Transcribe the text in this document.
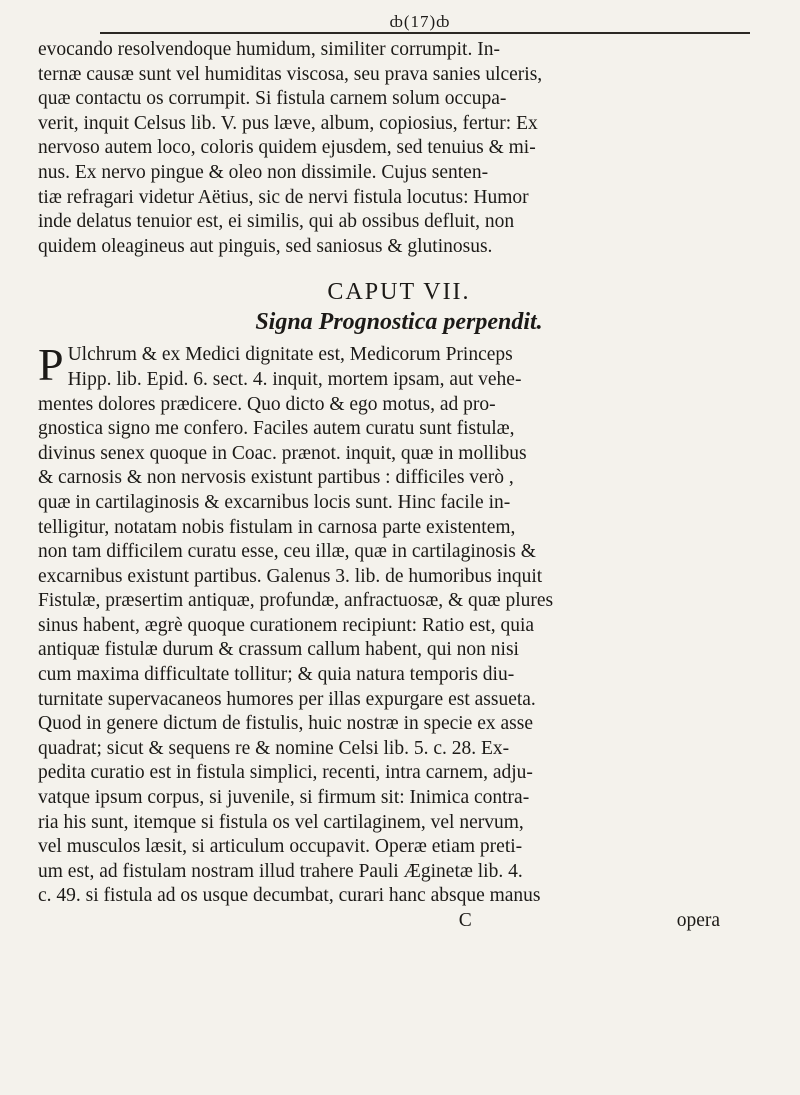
ȸ(17)ȸ

evocando resolvendoque humidum, similiter corrumpit. In-
ternæ causæ sunt vel humiditas viscosa, seu prava sanies ulceris,
quæ contactu os corrumpit. Si fistula carnem solum occupa-
verit, inquit Celsus lib. V. pus læve, album, copiosius, fertur: Ex
nervoso autem loco, coloris quidem ejusdem, sed tenuius & mi-
nus. Ex nervo pingue & oleo non dissimile. Cujus senten-
tiæ refragari videtur Aëtius, sic de nervi fistula locutus: Humor
inde delatus tenuior est, ei similis, qui ab ossibus defluit, non
quidem oleagineus aut pinguis, sed saniosus & glutinosus.

CAPUT VII.
Signa Prognostica perpendit.

P Ulchrum & ex Medici dignitate est, Medicorum Princeps
Hipp. lib. Epid. 6. sect. 4. inquit, mortem ipsam, aut vehe-
mentes dolores prædicere. Quo dicto & ego motus, ad pro-
gnostica signo me confero. Faciles autem curatu sunt fistulæ,
divinus senex quoque in Coac. prænot. inquit, quæ in mollibus
& carnosis & non nervosis existunt partibus : difficiles verò ,
quæ in cartilaginosis & excarnibus locis sunt. Hinc facile in-
telligitur, notatam nobis fistulam in carnosa parte existentem,
non tam difficilem curatu esse, ceu illæ, quæ in cartilaginosis &
excarnibus existunt partibus. Galenus 3. lib. de humoribus inquit
Fistulæ, præsertim antiquæ, profundæ, anfractuosæ, & quæ plures
sinus habent, ægrè quoque curationem recipiunt: Ratio est, quia
antiquæ fistulæ durum & crassum callum habent, qui non nisi
cum maxima difficultate tollitur; & quia natura temporis diu-
turnitate supervacaneos humores per illas expurgare est assueta.
Quod in genere dictum de fistulis, huic nostræ in specie ex asse
quadrat; sicut & sequens re & nomine Celsi lib. 5. c. 28. Ex-
pedita curatio est in fistula simplici, recenti, intra carnem, adju-
vatque ipsum corpus, si juvenile, si firmum sit: Inimica contra-
ria his sunt, itemque si fistula os vel cartilaginem, vel nervum,
vel musculos læsit, si articulum occupavit. Operæ etiam preti-
um est, ad fistulam nostram illud trahere Pauli Æginetæ lib. 4.
c. 49. si fistula ad os usque decumbat, curari hanc absque manus

C	opera
